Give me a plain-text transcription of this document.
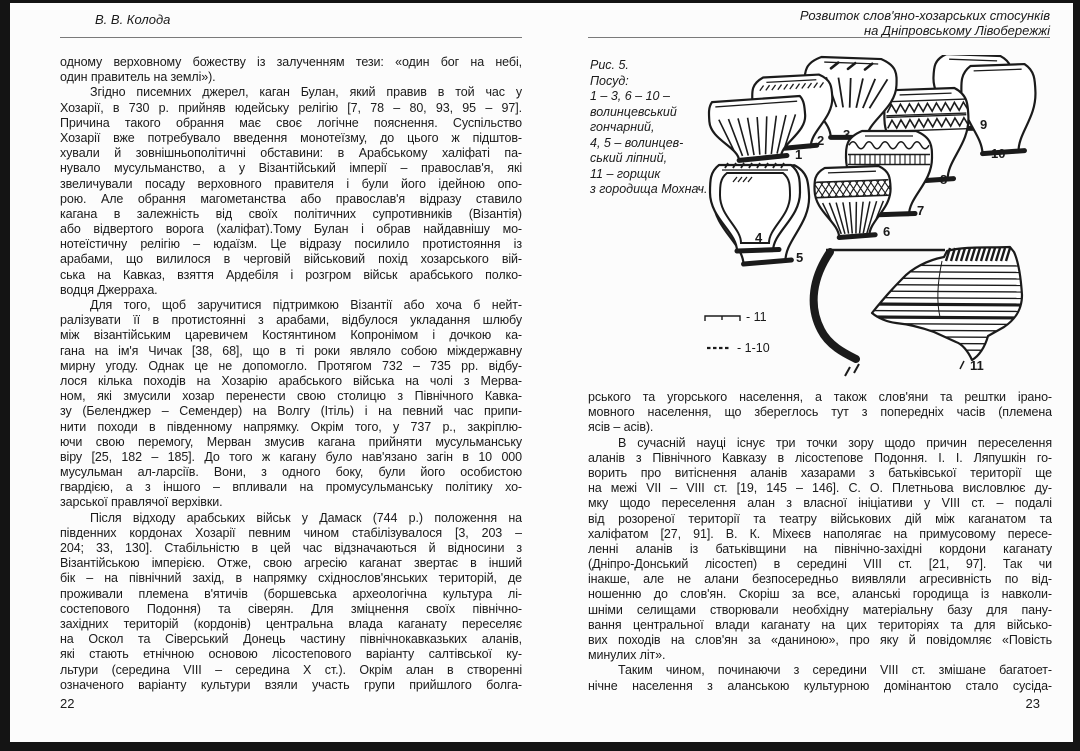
В. В. Колода
одному верховному божеству із залученням тези: «один бог на небі,
один правитель на землі»).
Згідно писемних джерел, каган Булан, який правив в той час у
Хозарії, в 730 р. прийняв юдейську релігію [7, 78 – 80, 93, 95 – 97].
Причина такого обрання має своє логічне пояснення. Суспільство
Хозарії вже потребувало введення монотеїзму, до цього ж підштов-
хували й зовнішньополітичні обставини: в Арабському халіфаті па-
нувало мусульманство, а у Візантійський імперії – православ'я, які
звеличували посаду верховного правителя і були його ідейною опо-
рою. Але обрання магометанства або православ'я відразу ставило
кагана в залежність від своїх політичних супротивників (Візантія)
або відвертого ворога (халіфат).Тому Булан і обрав найдавнішу мо-
нотеїстичну релігію – юдаїзм. Це відразу посилило протистояння із
арабами, що вилилося в черговій військовий похід хозарського вій-
ська на Кавказ, взяття Ардебіля і розгром військ арабського полко-
водця Джерраха.
Для того, щоб заручитися підтримкою Візантії або хоча б нейт-
ралізувати її в протистоянні з арабами, відбулося укладання шлюбу
між візантійським царевичем Костянтином Копронімом і дочкою ка-
гана на ім'я Чичак [38, 68], що в ті роки являло собою міждержавну
мирну угоду. Однак це не допомогло. Протягом 732 – 735 рр. відбу-
лося кілька походів на Хозарію арабського війська на чолі з Мерва-
ном, які змусили хозар перенести свою столицю з Північного Кавка-
зу (Беленджер – Семендер) на Волгу (Ітіль) і на певний час припи-
нити походи в південному напрямку. Окрім того, у 737 р., закріплю-
ючи свою перемогу, Мерван змусив кагана прийняти мусульманську
віру [25, 182 – 185]. До того ж кагану було нав'язано загін в 10 000
мусульман ал-ларсіїв. Вони, з одного боку, були його особистою
гвардією, а з іншого – впливали на промусульманську політику хо-
зарської правлячої верхівки.
Після відходу арабських військ у Дамаск (744 р.) положення на
південних кордонах Хозарії певним чином стабілізувалося [3, 203 –
204; 33, 130]. Стабільністю в цей час відзначаються й відносини з
Візантійською імперією. Отже, свою агресію каганат звертає в інший
бік – на північний захід, в напрямку східнослов'янських територій, де
проживали племена в'ятичів (боршевська археологічна культура лі-
состепового Подоння) та сіверян. Для зміцнення своїх північно-
західних територій (кордонів) центральна влада каганату переселяє
на Оскол та Сіверський Донець частину північнокавказьких аланів,
які стають етнічною основою лісостепового варіанту салтівської ку-
льтури (середина VIII – середина X ст.). Окрім алан в створенні
означеного варіанту культури взяли участь групи прийшлого болга-
22
Розвиток слов'яно-хозарських стосунків
на Дніпровському Лівобережжі
Рис. 5.
Посуд:
1 – 3, 6 – 10 –
волинцевський
гончарний,
4, 5 – волинцев-
ський ліпний,
11 – горщик
з городища Мохнач.
- 11
- 1-10
1
2 3
4
5
6
7
8
9
10
11
рського та угорського населення, а також слов'яни та рештки ірано-
мовного населення, що збереглось тут з попередніх часів (племена
ясів – асів).
В сучасній науці існує три точки зору щодо причин переселення
аланів з Північного Кавказу в лісостепове Подоння. І. І. Ляпушкін го-
ворить про витіснення аланів хазарами з батьківської території ще
на межі VII – VIII ст. [19, 145 – 146]. С. О. Плетньова висловлює ду-
мку щодо переселення алан з власної ініціативи у VIII ст. – подалі
від розореної території та театру військових дій між каганатом та
халіфатом [27, 91]. В. К. Міхеєв наполягає на примусовому пересе-
ленні аланів із батьківщини на північно-західні кордони каганату
(Дніпро-Донський лісостеп) в середині VIII ст. [21, 97]. Так чи
інакше, але не алани безпосередньо виявляли агресивність по від-
ношенню до слов'ян. Скоріш за все, аланські городища із навколи-
шніми селищами створювали необхідну матеріальну базу для пану-
вання центральної влади каганату на цих територіях та для військо-
вих походів на слов'ян за «даниною», про яку й повідомляє «Повість
минулих літ».
Таким чином, починаючи з середини VIII ст. змішане багатоет-
нічне населення з аланською культурною домінантою стало сусіда-
23
